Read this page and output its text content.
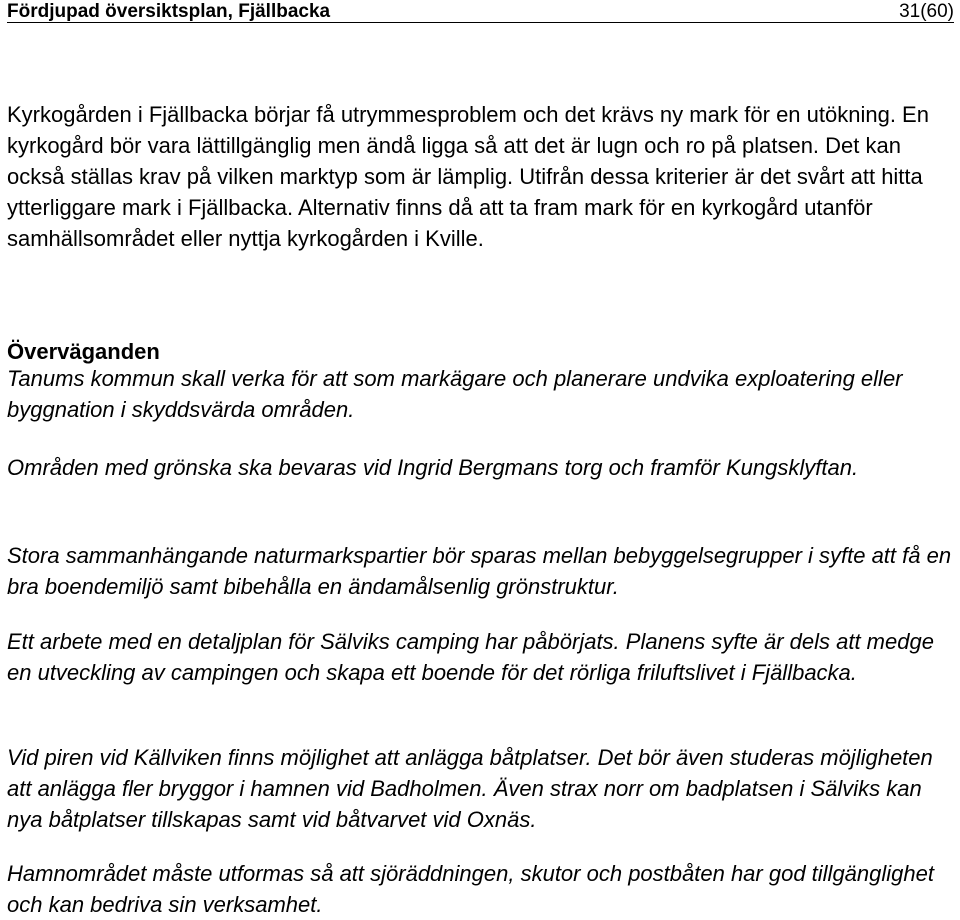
Fördjupad översiktsplan, Fjällbacka	31(60)

Kyrkogården i Fjällbacka börjar få utrymmesproblem och det krävs ny mark för en utökning. En kyrkogård bör vara lättillgänglig men ändå ligga så att det är lugn och ro på platsen. Det kan också ställas krav på vilken marktyp som är lämplig. Utifrån dessa kriterier är det svårt att hitta ytterliggare mark i Fjällbacka. Alternativ finns då att ta fram mark för en kyrkogård utanför samhällsområdet eller nyttja kyrkogården i Kville.

Överväganden

Tanums kommun skall verka för att som markägare och planerare undvika exploatering eller byggnation i skyddsvärda områden.

Områden med grönska ska bevaras vid Ingrid Bergmans torg och framför Kungsklyftan.

Stora sammanhängande naturmarkspartier bör sparas mellan bebyggelsegrupper i syfte att få en bra boendemiljö samt bibehålla en ändamålsenlig grönstruktur.

Ett arbete med en detaljplan för Sälviks camping har påbörjats. Planens syfte är dels att medge en utveckling av campingen och skapa ett boende för det rörliga friluftslivet i Fjällbacka.

Vid piren vid Källviken finns möjlighet att anlägga båtplatser. Det bör även studeras möjligheten att anlägga fler bryggor i hamnen vid Badholmen. Även strax norr om badplatsen i Sälviks kan nya båtplatser tillskapas samt vid båtvarvet vid Oxnäs.

Hamnområdet måste utformas så att sjöräddningen, skutor och postbåten har god tillgänglighet och kan bedriva sin verksamhet.
